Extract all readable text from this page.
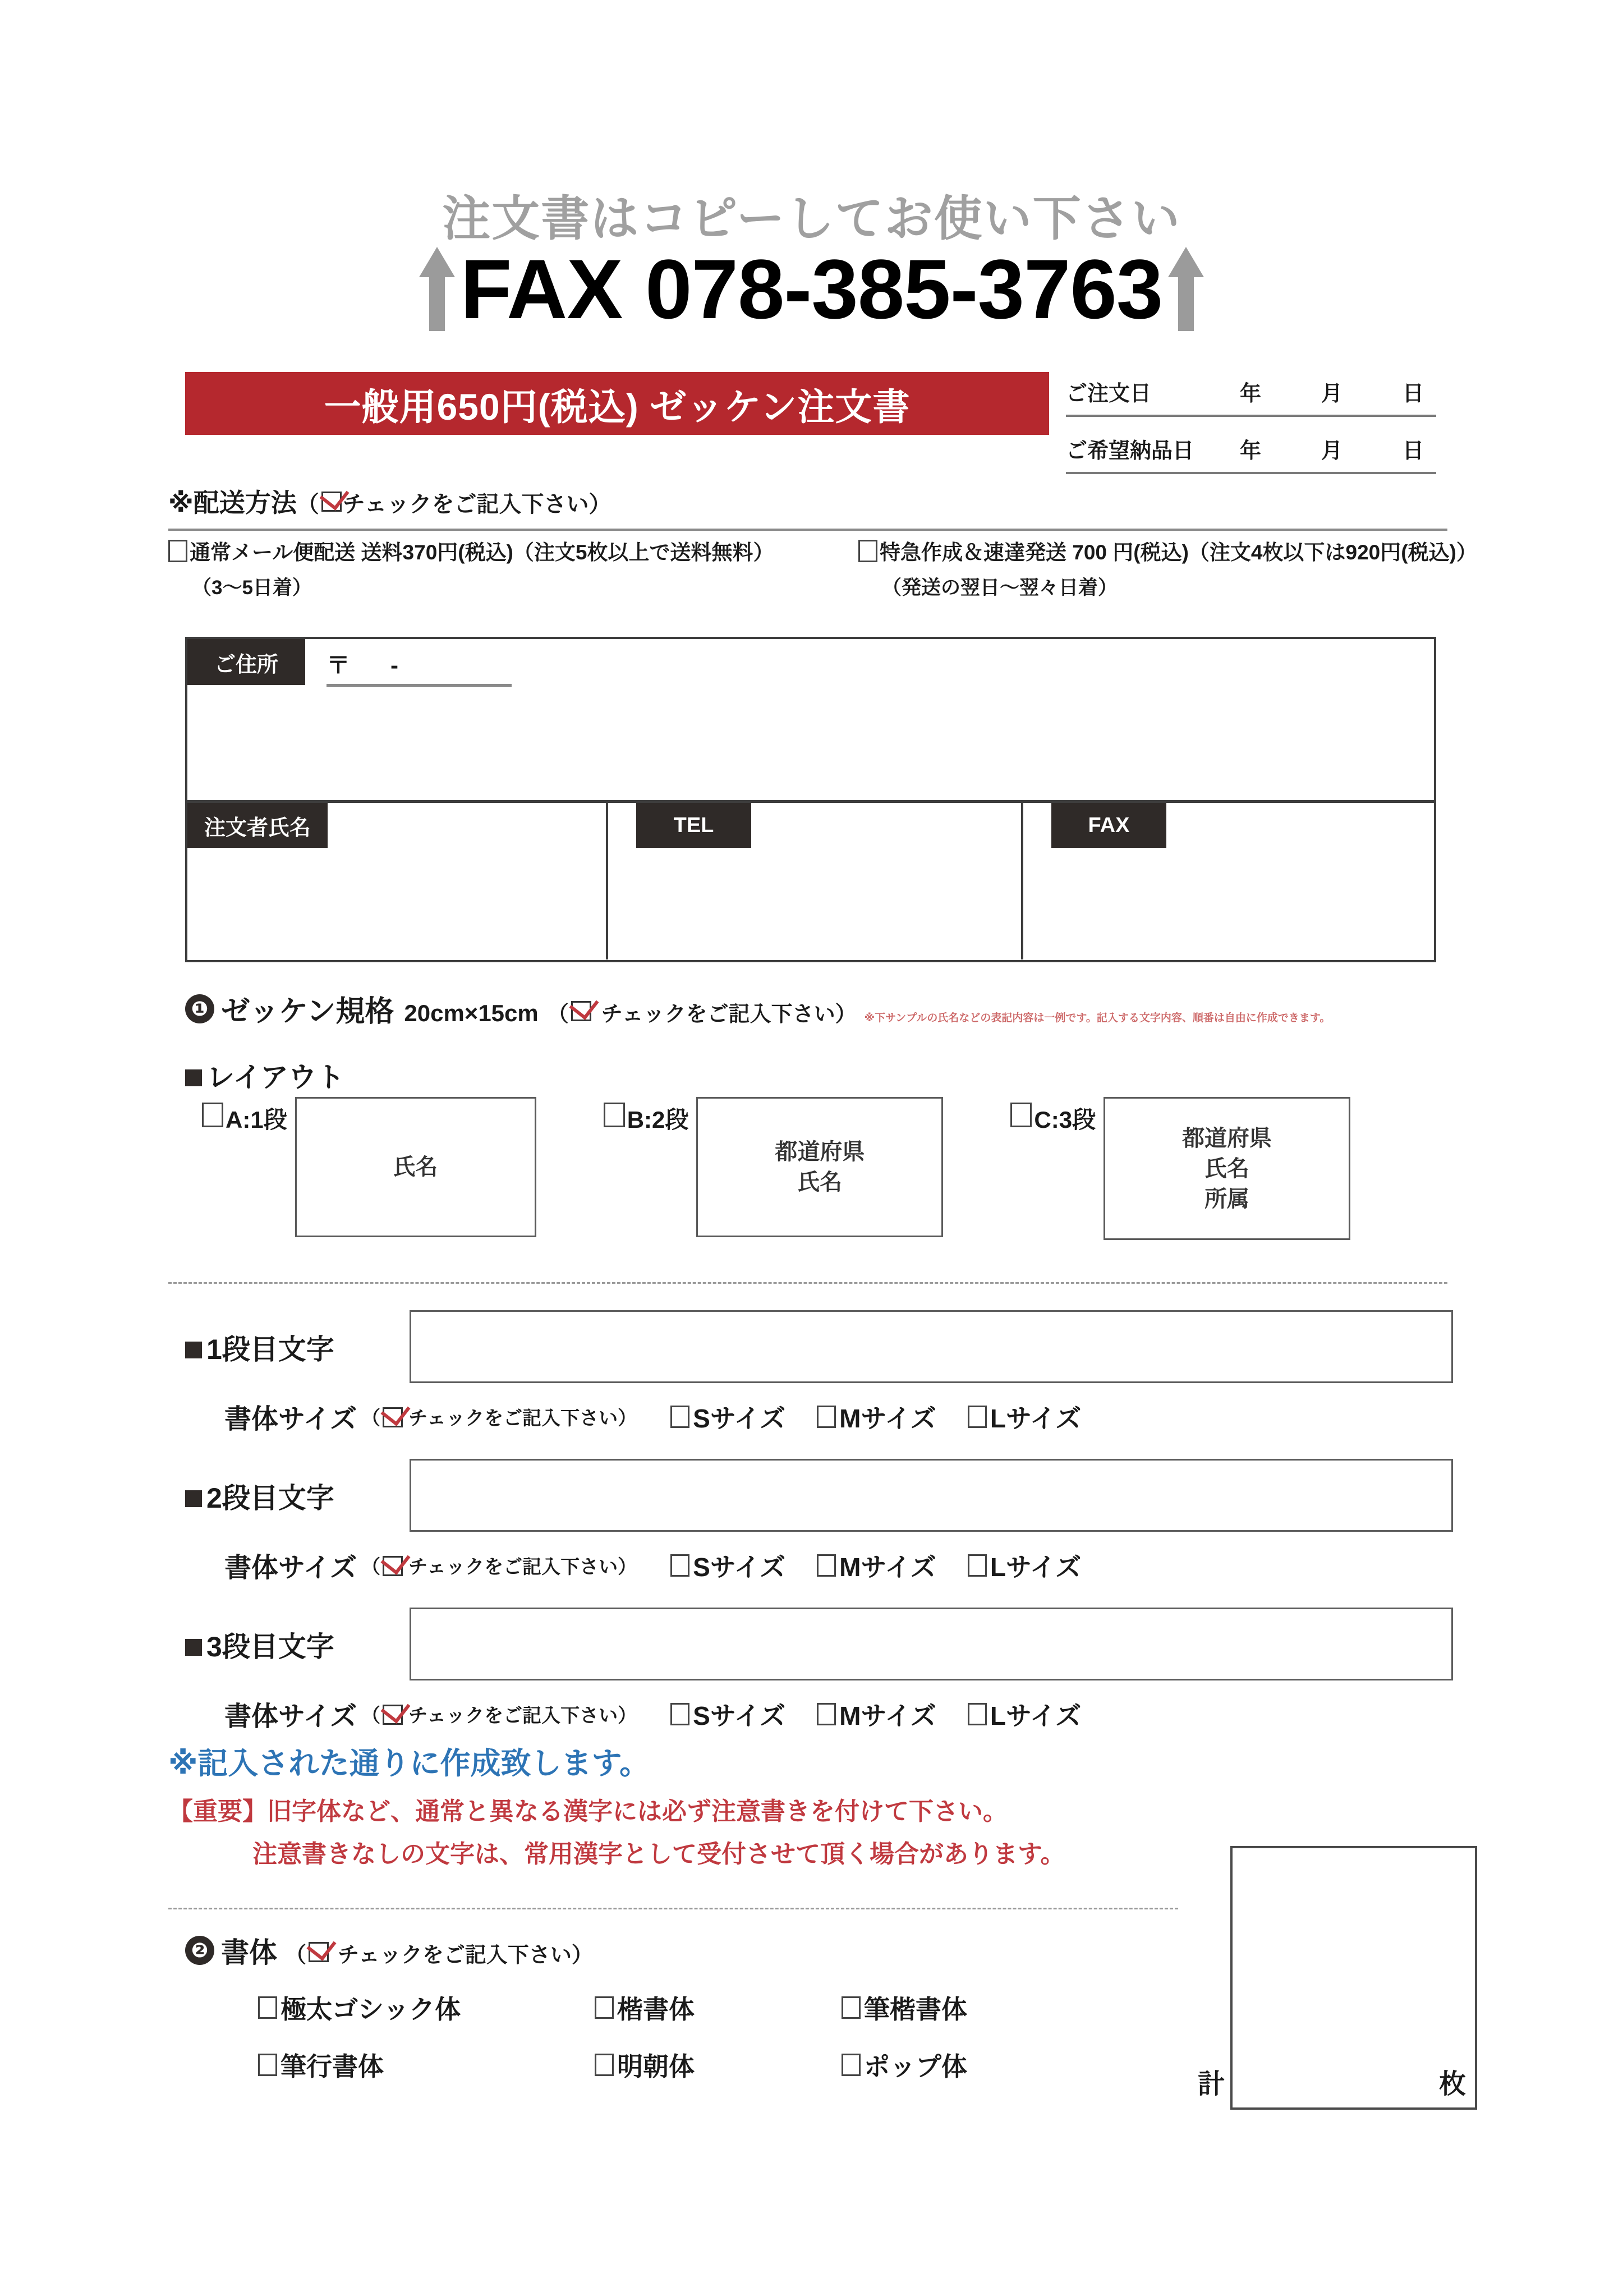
注文書はコピーしてお使い下さい
FAX 078-385-3763
一般用650円(税込) ゼッケン注文書	ご注文日	年	月	日
ご希望納品日 年	月	日
※配送方法 （ チェックをご記入下さい）
通常メール便配送 送料370円(税込)（注文5枚以上で送料無料）
（3～5日着）
特急作成＆速達発送 700 円(税込)（注文4枚以下は920円(税込)）
（発送の翌日～翌々日着）
ご住所	〒 -
注文者氏名	TEL	FAX
❶ ゼッケン規格 20cm×15cm （ チェックをご記入下さい） ※下サンプルの氏名などの表記内容は一例です。記入する文字内容、順番は自由に作成できます。
レイアウト
A:1段
氏名
B:2段
都道府県
氏名
C:3段
都道府県
氏名
所属
1段目文字
書体サイズ （ チェックをご記入下さい） Sサイズ Mサイズ Lサイズ
2段目文字
書体サイズ （ チェックをご記入下さい） Sサイズ Mサイズ Lサイズ
3段目文字
書体サイズ （ チェックをご記入下さい） Sサイズ Mサイズ Lサイズ
※記入された通りに作成致します。
【重要】旧字体など、通常と異なる漢字には必ず注意書きを付けて下さい。
注意書きなしの文字は、常用漢字として受付させて頂く場合があります。
❷ 書体 （ チェックをご記入下さい）
極太ゴシック体	楷書体	筆楷書体
筆行書体	明朝体	ポップ体
計	枚
